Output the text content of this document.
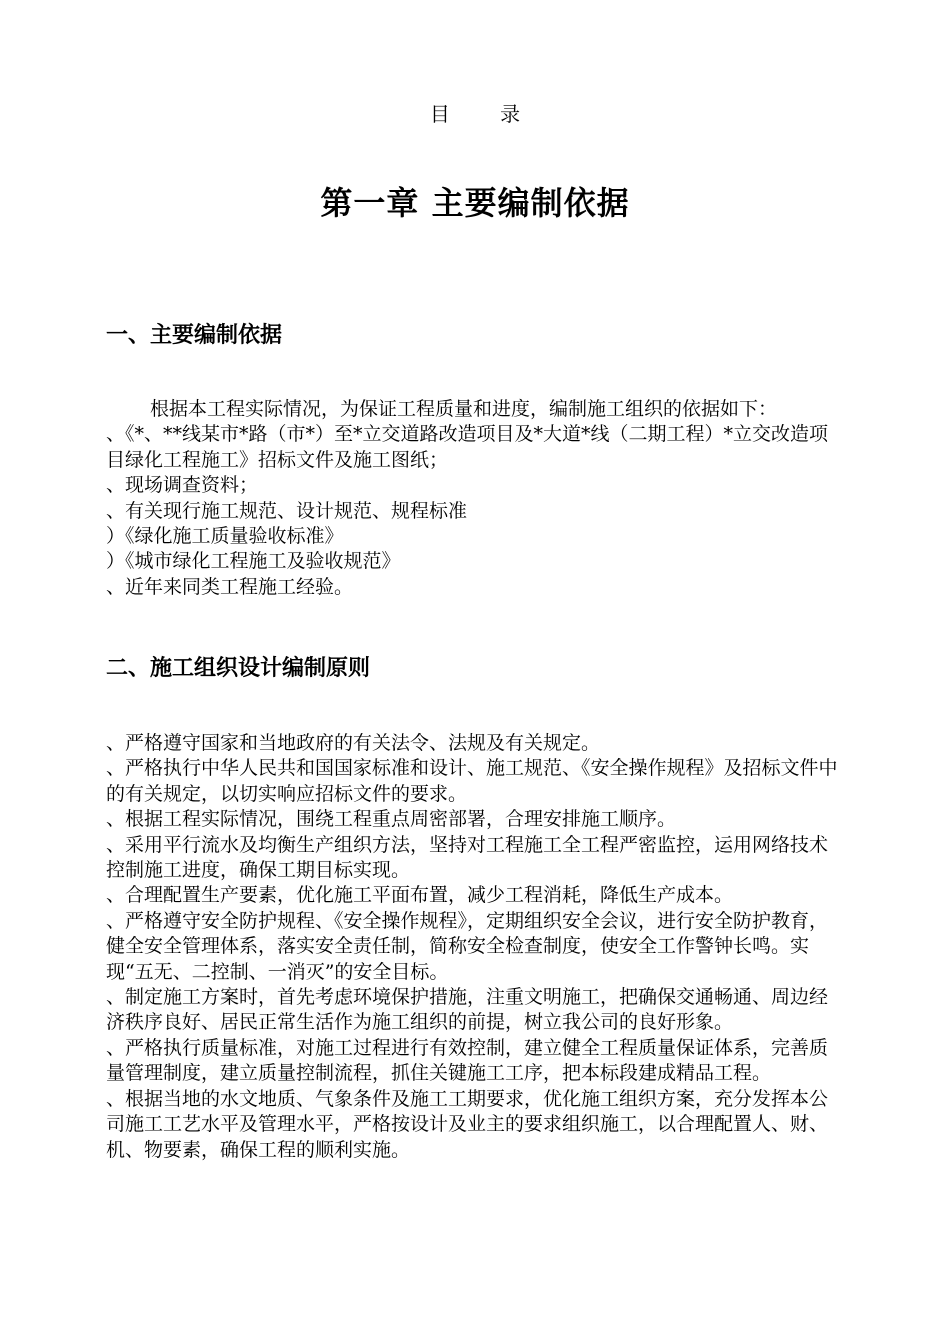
目 录
第一章 主要编制依据
一、主要编制依据

根据本工程实际情况，为保证工程质量和进度，编制施工组织的依据如下：

、《*、**线某市*路（市*）至*立交道路改造项目及*大道*线（二期工程）*立交改造项目绿化工程施工》招标文件及施工图纸；

、现场调查资料；

、有关现行施工规范、设计规范、规程标准

）《绿化施工质量验收标准》

）《城市绿化工程施工及验收规范》

、近年来同类工程施工经验。

二、施工组织设计编制原则

、严格遵守国家和当地政府的有关法令、法规及有关规定。

、严格执行中华人民共和国国家标准和设计、施工规范、《安全操作规程》及招标文件中的有关规定，以切实响应招标文件的要求。

、根据工程实际情况，围绕工程重点周密部署，合理安排施工顺序。

、采用平行流水及均衡生产组织方法，坚持对工程施工全工程严密监控，运用网络技术控制施工进度，确保工期目标实现。

、合理配置生产要素，优化施工平面布置，减少工程消耗，降低生产成本。

、严格遵守安全防护规程、《安全操作规程》，定期组织安全会议，进行安全防护教育，健全安全管理体系，落实安全责任制，简称安全检查制度，使安全工作警钟长鸣。实现“五无、二控制、一消灭”的安全目标。

、制定施工方案时，首先考虑环境保护措施，注重文明施工，把确保交通畅通、周边经济秩序良好、居民正常生活作为施工组织的前提，树立我公司的良好形象。

、严格执行质量标准，对施工过程进行有效控制，建立健全工程质量保证体系，完善质量管理制度，建立质量控制流程，抓住关键施工工序，把本标段建成精品工程。

、根据当地的水文地质、气象条件及施工工期要求，优化施工组织方案，充分发挥本公司施工工艺水平及管理水平，严格按设计及业主的要求组织施工，以合理配置人、财、机、物要素，确保工程的顺利实施。
